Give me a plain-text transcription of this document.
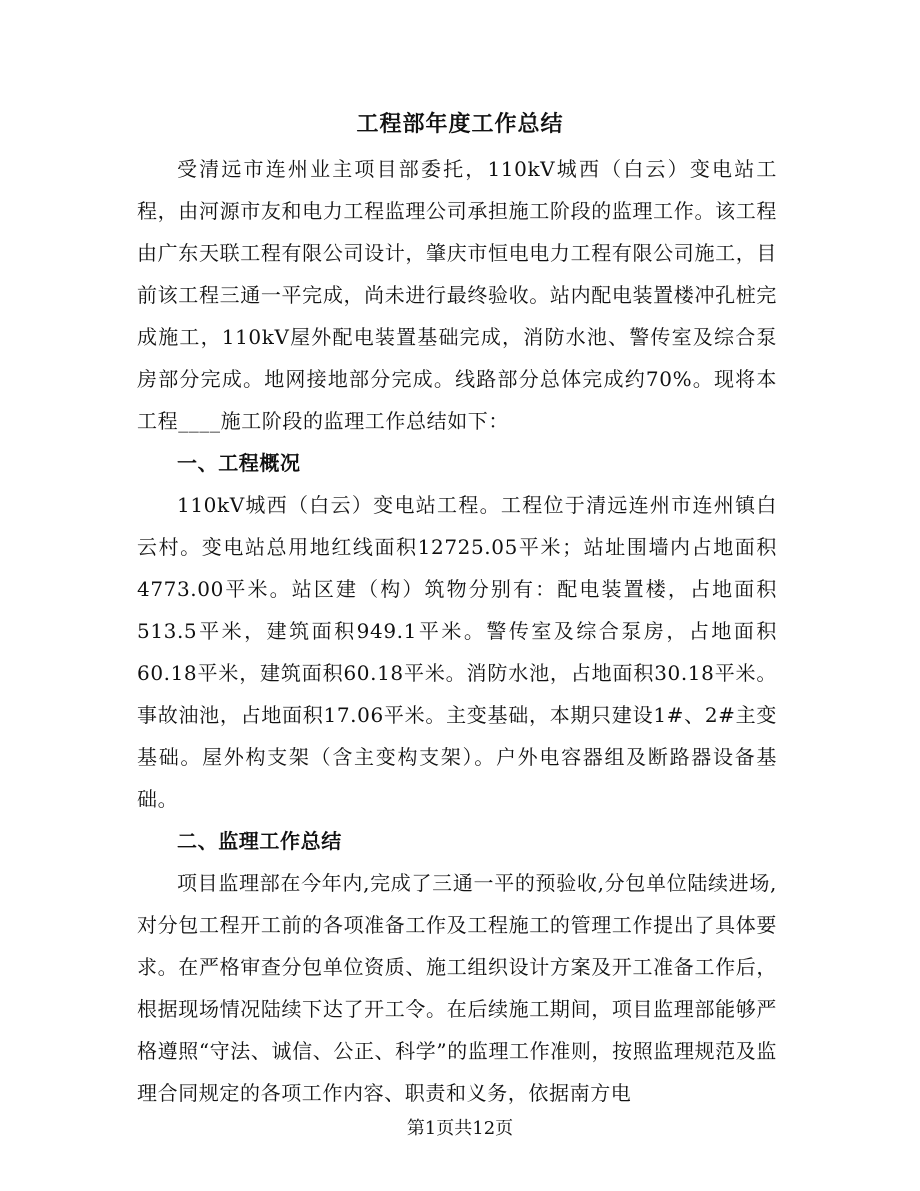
工程部年度工作总结

受清远市连州业主项目部委托，110kV城西（白云）变电站工程，由河源市友和电力工程监理公司承担施工阶段的监理工作。该工程由广东天联工程有限公司设计，肇庆市恒电电力工程有限公司施工，目前该工程三通一平完成，尚未进行最终验收。站内配电装置楼冲孔桩完成施工，110kV屋外配电装置基础完成，消防水池、警传室及综合泵房部分完成。地网接地部分完成。线路部分总体完成约70%。现将本工程____施工阶段的监理工作总结如下：

一、工程概况

110kV城西（白云）变电站工程。工程位于清远连州市连州镇白云村。变电站总用地红线面积12725.05平米；站址围墙内占地面积4773.00平米。站区建（构）筑物分别有：配电装置楼，占地面积513.5平米，建筑面积949.1平米。警传室及综合泵房，占地面积60.18平米，建筑面积60.18平米。消防水池，占地面积30.18平米。事故油池，占地面积17.06平米。主变基础，本期只建设1#、2#主变基础。屋外构支架（含主变构支架）。户外电容器组及断路器设备基础。

二、监理工作总结

项目监理部在今年内,完成了三通一平的预验收,分包单位陆续进场,对分包工程开工前的各项准备工作及工程施工的管理工作提出了具体要求。在严格审查分包单位资质、施工组织设计方案及开工准备工作后，根据现场情况陆续下达了开工令。在后续施工期间，项目监理部能够严格遵照“守法、诚信、公正、科学”的监理工作准则，按照监理规范及监理合同规定的各项工作内容、职责和义务，依据南方电

第1页共12页
